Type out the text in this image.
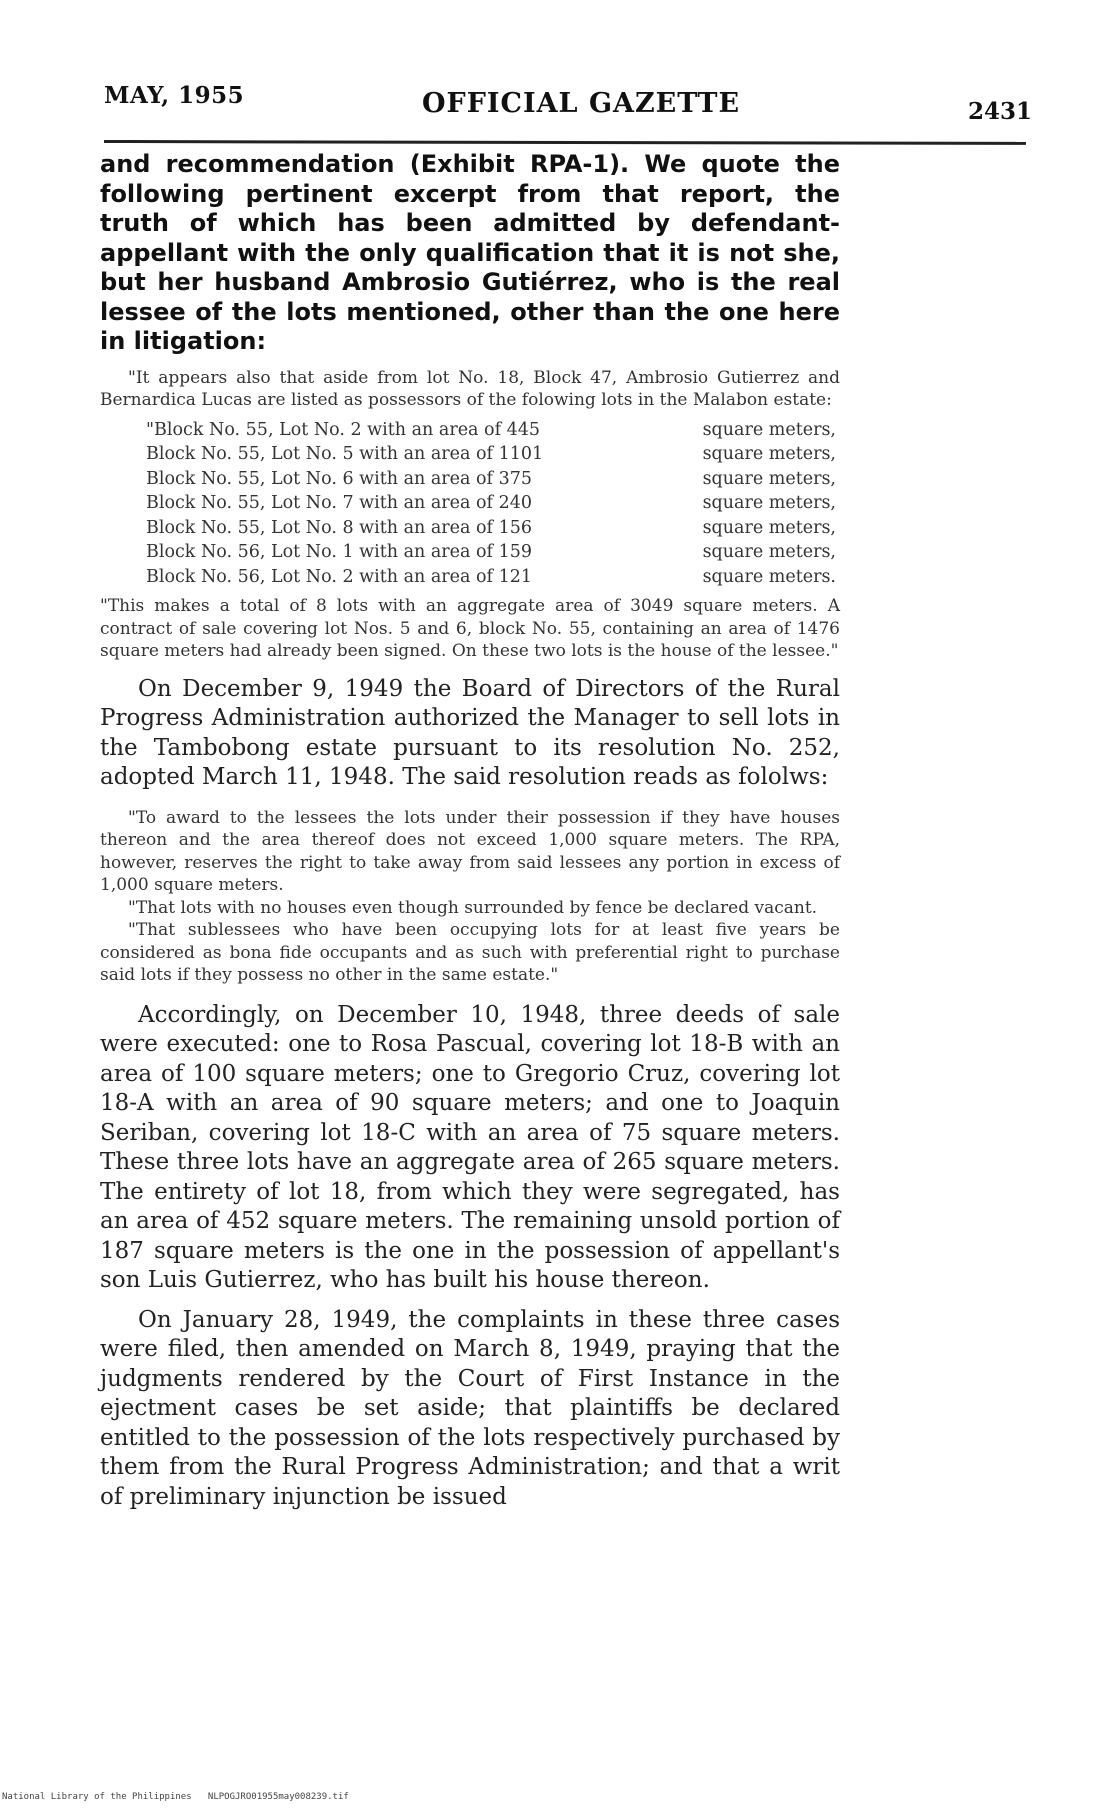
MAY, 1955	OFFICIAL GAZETTE	2431

and recommendation (Exhibit RPA-1). We quote the following pertinent excerpt from that report, the truth of which has been admitted by defendant-appellant with the only qualification that it is not she, but her husband Ambrosio Gutiérrez, who is the real lessee of the lots mentioned, other than the one here in litigation:

"It appears also that aside from lot No. 18, Block 47, Ambrosio Gutierrez and Bernardica Lucas are listed as possessors of the folowing lots in the Malabon estate:

"Block No. 55, Lot No. 2 with an area of 445	square meters,
Block No. 55, Lot No. 5 with an area of 1101	square meters,
Block No. 55, Lot No. 6 with an area of 375	square meters,
Block No. 55, Lot No. 7 with an area of 240	square meters,
Block No. 55, Lot No. 8 with an area of 156	square meters,
Block No. 56, Lot No. 1 with an area of 159	square meters,
Block No. 56, Lot No. 2 with an area of 121	square meters.

"This makes a total of 8 lots with an aggregate area of 3049 square meters. A contract of sale covering lot Nos. 5 and 6, block No. 55, containing an area of 1476 square meters had already been signed. On these two lots is the house of the lessee."

On December 9, 1949 the Board of Directors of the Rural Progress Administration authorized the Manager to sell lots in the Tambobong estate pursuant to its resolution No. 252, adopted March 11, 1948. The said resolution reads as fololws:

"To award to the lessees the lots under their possession if they have houses thereon and the area thereof does not exceed 1,000 square meters. The RPA, however, reserves the right to take away from said lessees any portion in excess of 1,000 square meters.

"That lots with no houses even though surrounded by fence be declared vacant.

"That sublessees who have been occupying lots for at least five years be considered as bona fide occupants and as such with preferential right to purchase said lots if they possess no other in the same estate."

Accordingly, on December 10, 1948, three deeds of sale were executed: one to Rosa Pascual, covering lot 18-B with an area of 100 square meters; one to Gregorio Cruz, covering lot 18-A with an area of 90 square meters; and one to Joaquin Seriban, covering lot 18-C with an area of 75 square meters. These three lots have an aggregate area of 265 square meters. The entirety of lot 18, from which they were segregated, has an area of 452 square meters. The remaining unsold portion of 187 square meters is the one in the possession of appellant's son Luis Gutierrez, who has built his house thereon.

On January 28, 1949, the complaints in these three cases were filed, then amended on March 8, 1949, praying that the judgments rendered by the Court of First Instance in the ejectment cases be set aside; that plaintiffs be declared entitled to the possession of the lots respectively purchased by them from the Rural Progress Administration; and that a writ of preliminary injunction be issued

National Library of the Philippines NLPOGJRO01955may008239.tif
